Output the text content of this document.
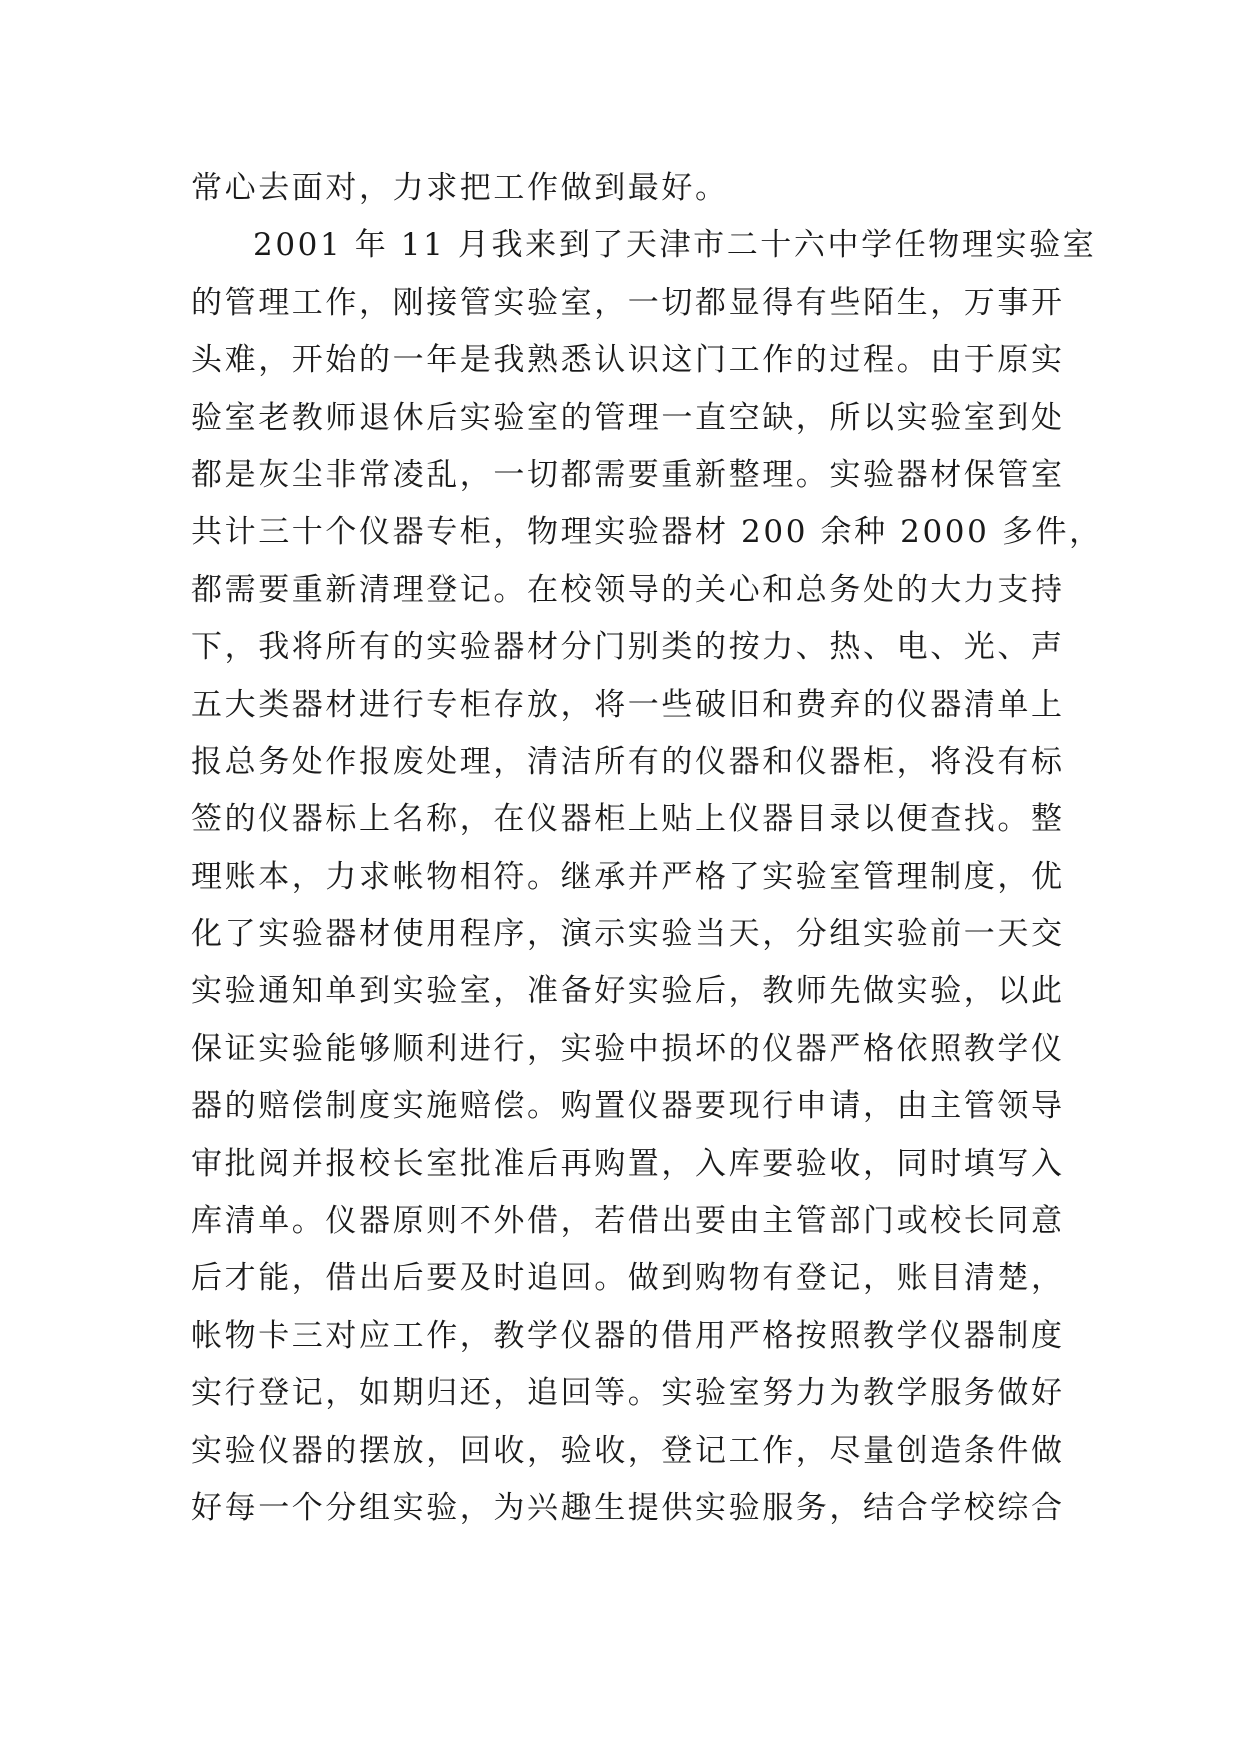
常心去面对，力求把工作做到最好。
2001 年 11 月我来到了天津市二十六中学任物理实验室
的管理工作，刚接管实验室，一切都显得有些陌生，万事开
头难，开始的一年是我熟悉认识这门工作的过程。由于原实
验室老教师退休后实验室的管理一直空缺，所以实验室到处
都是灰尘非常凌乱，一切都需要重新整理。实验器材保管室
共计三十个仪器专柜，物理实验器材 200 余种 2000 多件，
都需要重新清理登记。在校领导的关心和总务处的大力支持
下，我将所有的实验器材分门别类的按力、热、电、光、声
五大类器材进行专柜存放，将一些破旧和费弃的仪器清单上
报总务处作报废处理，清洁所有的仪器和仪器柜，将没有标
签的仪器标上名称，在仪器柜上贴上仪器目录以便查找。整
理账本，力求帐物相符。继承并严格了实验室管理制度，优
化了实验器材使用程序，演示实验当天，分组实验前一天交
实验通知单到实验室，准备好实验后，教师先做实验，以此
保证实验能够顺利进行，实验中损坏的仪器严格依照教学仪
器的赔偿制度实施赔偿。购置仪器要现行申请，由主管领导
审批阅并报校长室批准后再购置，入库要验收，同时填写入
库清单。仪器原则不外借，若借出要由主管部门或校长同意
后才能，借出后要及时追回。做到购物有登记，账目清楚，
帐物卡三对应工作，教学仪器的借用严格按照教学仪器制度
实行登记，如期归还，追回等。实验室努力为教学服务做好
实验仪器的摆放，回收，验收，登记工作，尽量创造条件做
好每一个分组实验，为兴趣生提供实验服务，结合学校综合
